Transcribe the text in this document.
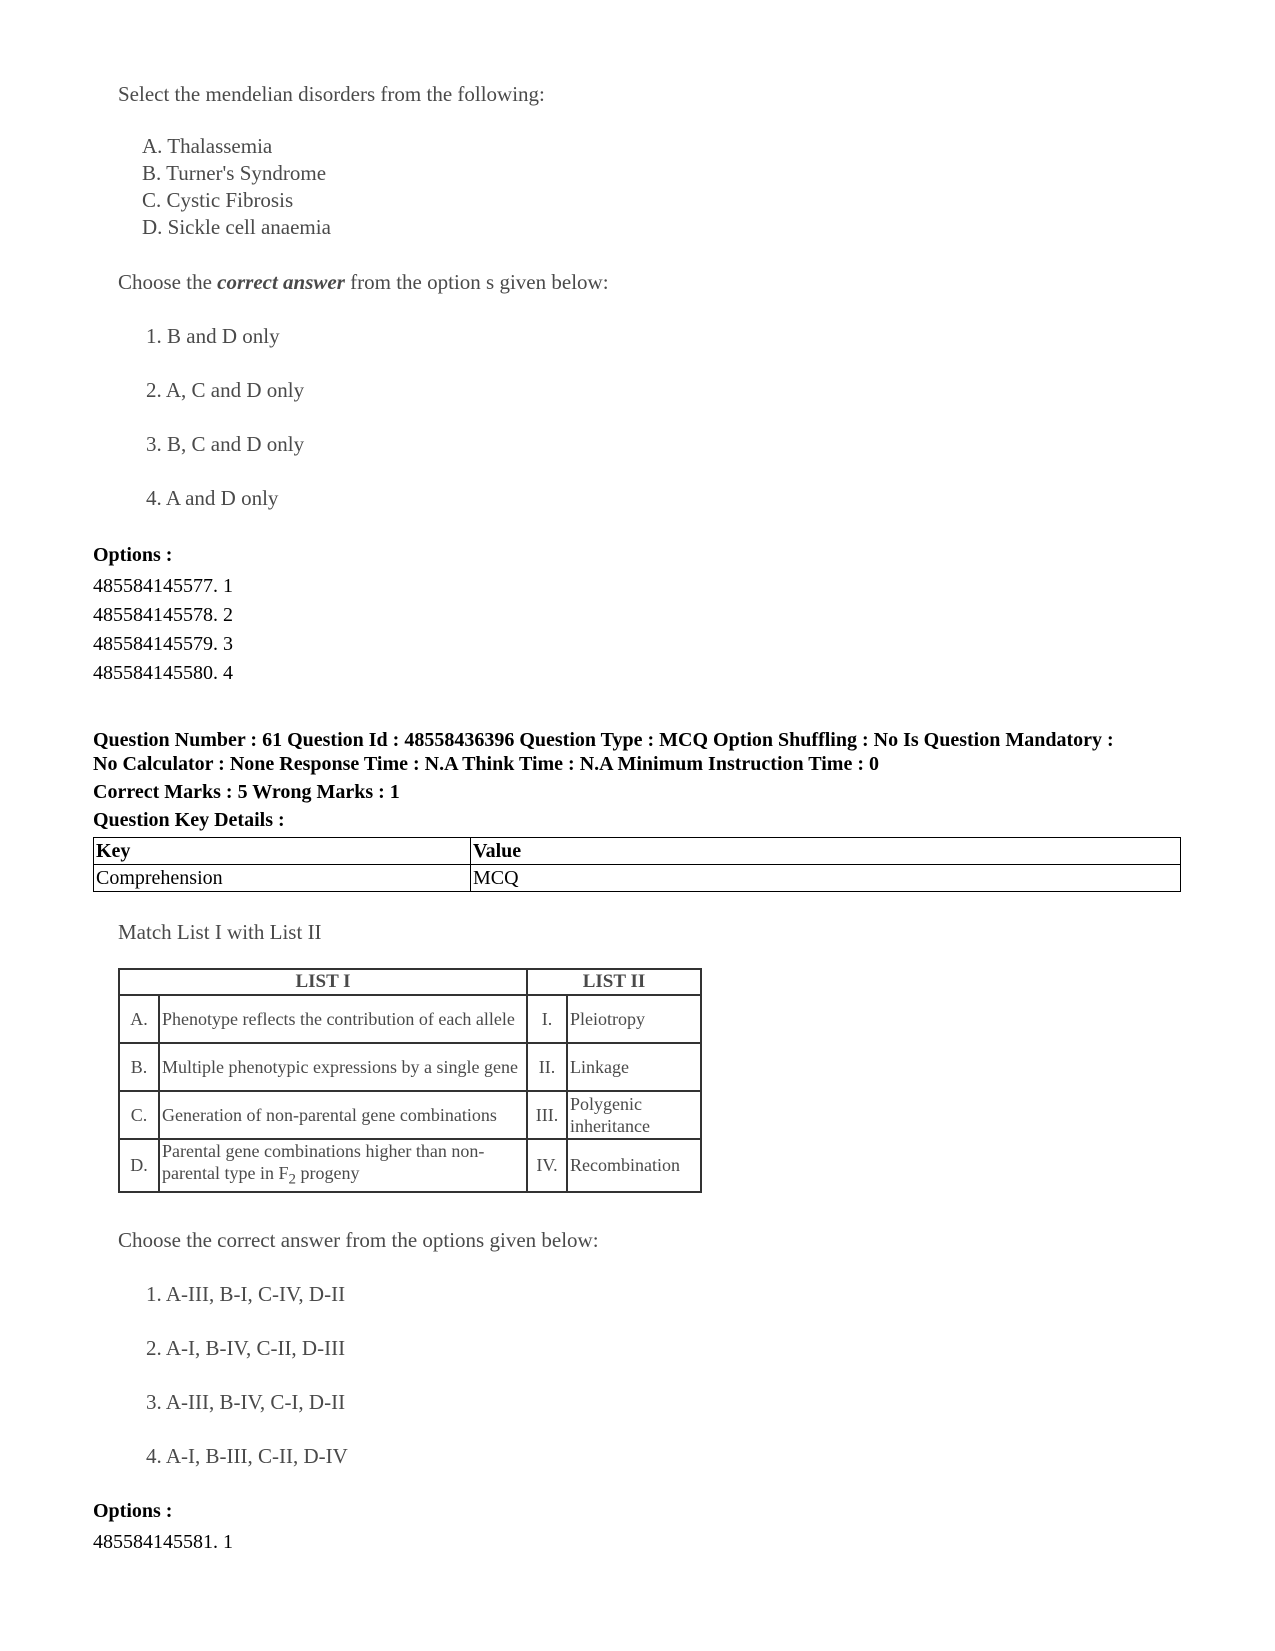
Select the mendelian disorders from the following:
A. Thalassemia
B. Turner's Syndrome
C. Cystic Fibrosis
D. Sickle cell anaemia
Choose the correct answer from the option s given below:
1. B and D only
2. A, C and D only
3. B, C and D only
4. A and D only
Options :
485584145577. 1
485584145578. 2
485584145579. 3
485584145580. 4
Question Number : 61 Question Id : 48558436396 Question Type : MCQ Option Shuffling : No Is Question Mandatory :
No Calculator : None Response Time : N.A Think Time : N.A Minimum Instruction Time : 0
Correct Marks : 5 Wrong Marks : 1
Question Key Details :
Key	Value
Comprehension	MCQ
Match List I with List II
LIST I		LIST II	
A.	Phenotype reflects the contribution of each allele	I.	Pleiotropy
B.	Multiple phenotypic expressions by a single gene	II.	Linkage
C.	Generation of non-parental gene combinations	III.	Polygenic inheritance
D.	Parental gene combinations higher than non-parental type in $F_2$ progeny	IV.	Recombination
Choose the correct answer from the options given below:
1. A-III, B-I, C-IV, D-II
2. A-I, B-IV, C-II, D-III
3. A-III, B-IV, C-I, D-II
4. A-I, B-III, C-II, D-IV
Options :
485584145581. 1
